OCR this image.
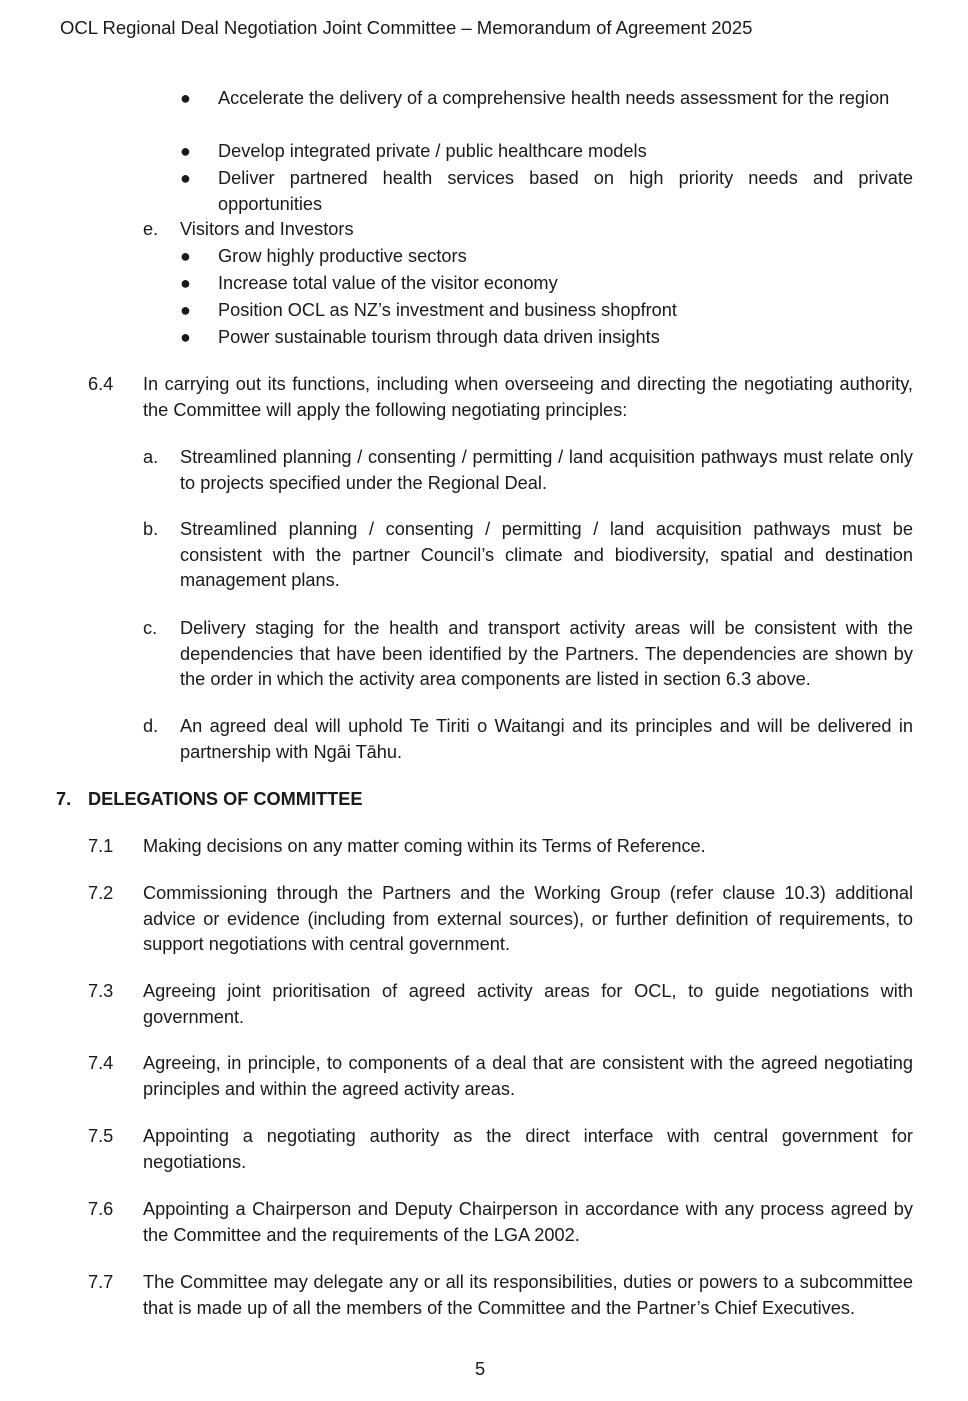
OCL Regional Deal Negotiation Joint Committee – Memorandum of Agreement 2025
● Accelerate the delivery of a comprehensive health needs assessment for the region
● Develop integrated private / public healthcare models
● Deliver partnered health services based on high priority needs and private opportunities
e. Visitors and Investors
● Grow highly productive sectors
● Increase total value of the visitor economy
● Position OCL as NZ’s investment and business shopfront
● Power sustainable tourism through data driven insights
6.4 In carrying out its functions, including when overseeing and directing the negotiating authority, the Committee will apply the following negotiating principles:
a. Streamlined planning / consenting / permitting / land acquisition pathways must relate only to projects specified under the Regional Deal.
b. Streamlined planning / consenting / permitting / land acquisition pathways must be consistent with the partner Council’s climate and biodiversity, spatial and destination management plans.
c. Delivery staging for the health and transport activity areas will be consistent with the dependencies that have been identified by the Partners. The dependencies are shown by the order in which the activity area components are listed in section 6.3 above.
d. An agreed deal will uphold Te Tiriti o Waitangi and its principles and will be delivered in partnership with Ngāi Tāhu.
7. DELEGATIONS OF COMMITTEE
7.1 Making decisions on any matter coming within its Terms of Reference.
7.2 Commissioning through the Partners and the Working Group (refer clause 10.3) additional advice or evidence (including from external sources), or further definition of requirements, to support negotiations with central government.
7.3 Agreeing joint prioritisation of agreed activity areas for OCL, to guide negotiations with government.
7.4 Agreeing, in principle, to components of a deal that are consistent with the agreed negotiating principles and within the agreed activity areas.
7.5 Appointing a negotiating authority as the direct interface with central government for negotiations.
7.6 Appointing a Chairperson and Deputy Chairperson in accordance with any process agreed by the Committee and the requirements of the LGA 2002.
7.7 The Committee may delegate any or all its responsibilities, duties or powers to a subcommittee that is made up of all the members of the Committee and the Partner’s Chief Executives.
5
